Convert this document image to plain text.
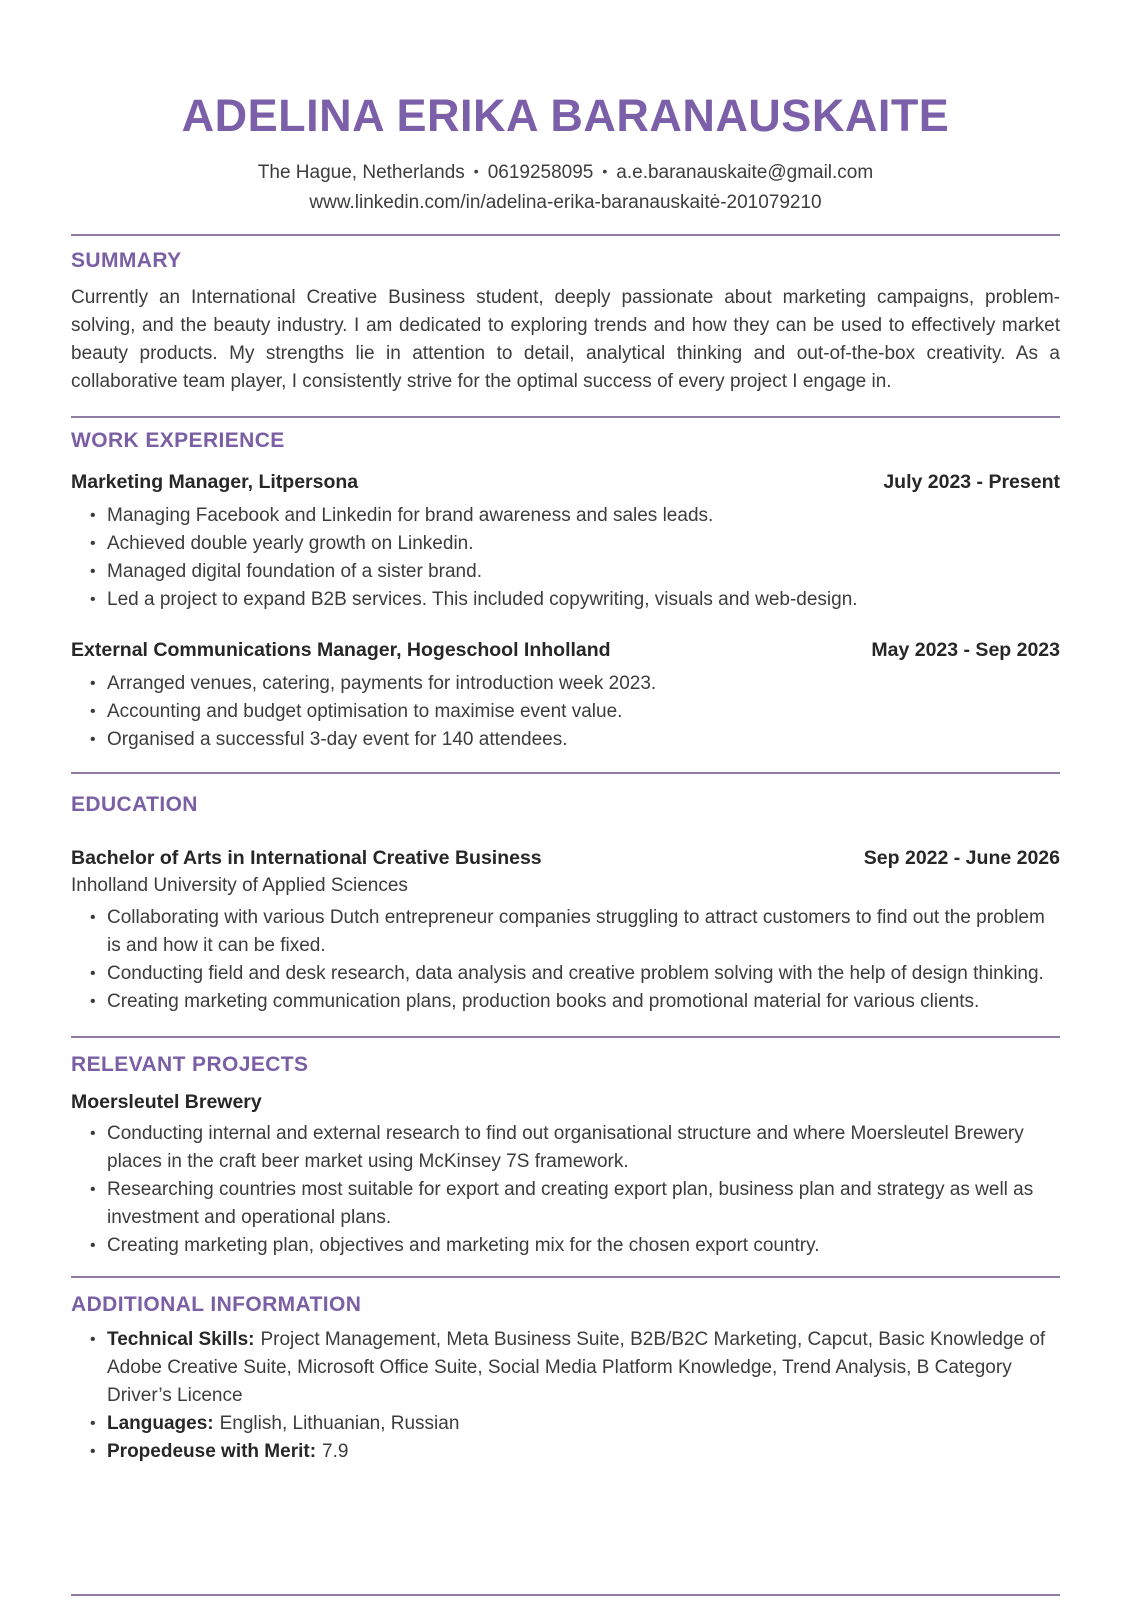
ADELINA ERIKA BARANAUSKAITE
The Hague, Netherlands • 0619258095 • a.e.baranauskaite@gmail.com
www.linkedin.com/in/adelina-erika-baranauskaitė-201079210
SUMMARY

Currently an International Creative Business student, deeply passionate about marketing campaigns, problem-solving, and the beauty industry. I am dedicated to exploring trends and how they can be used to effectively market beauty products. My strengths lie in attention to detail, analytical thinking and out-of-the-box creativity. As a collaborative team player, I consistently strive for the optimal success of every project I engage in.

WORK EXPERIENCE
Marketing Manager, Litpersona	July 2023 - Present
• Managing Facebook and Linkedin for brand awareness and sales leads.
• Achieved double yearly growth on Linkedin.
• Managed digital foundation of a sister brand.
• Led a project to expand B2B services. This included copywriting, visuals and web-design.
External Communications Manager, Hogeschool Inholland	May 2023 - Sep 2023
• Arranged venues, catering, payments for introduction week 2023.
• Accounting and budget optimisation to maximise event value.
• Organised a successful 3-day event for 140 attendees.
EDUCATION
Bachelor of Arts in International Creative Business	Sep 2022 - June 2026
Inholland University of Applied Sciences
• Collaborating with various Dutch entrepreneur companies struggling to attract customers to find out the problem is and how it can be fixed.
• Conducting field and desk research, data analysis and creative problem solving with the help of design thinking.
• Creating marketing communication plans, production books and promotional material for various clients.
RELEVANT PROJECTS
Moersleutel Brewery
• Conducting internal and external research to find out organisational structure and where Moersleutel Brewery places in the craft beer market using McKinsey 7S framework.
• Researching countries most suitable for export and creating export plan, business plan and strategy as well as investment and operational plans.
• Creating marketing plan, objectives and marketing mix for the chosen export country.
ADDITIONAL INFORMATION
• Technical Skills: Project Management, Meta Business Suite, B2B/B2C Marketing, Capcut, Basic Knowledge of Adobe Creative Suite, Microsoft Office Suite, Social Media Platform Knowledge, Trend Analysis, B Category Driver’s Licence
• Languages: English, Lithuanian, Russian
• Propedeuse with Merit: 7.9
